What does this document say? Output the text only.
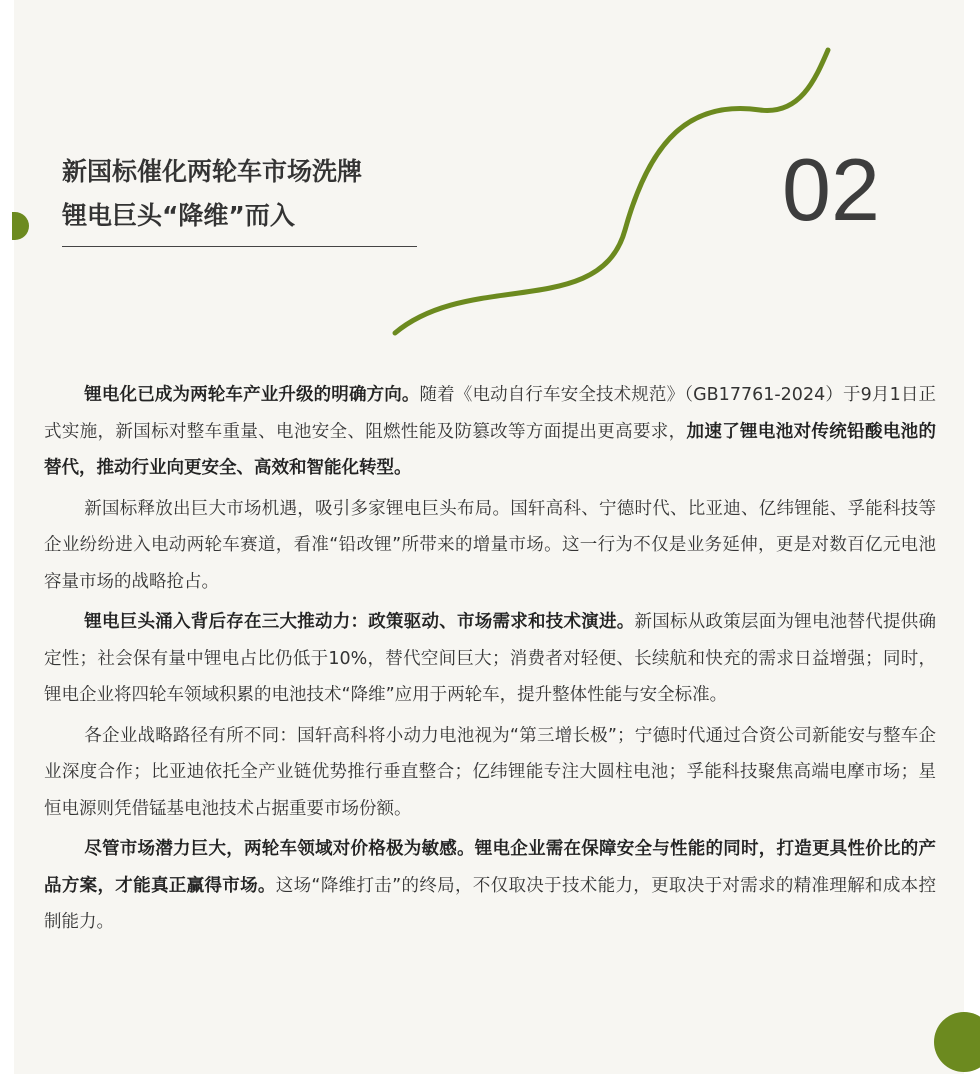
新国标催化两轮车市场洗牌
锂电巨头“降维”而入	02

锂电化已成为两轮车产业升级的明确方向。随着《电动自行车安全技术规范》（GB17761-2024）于9月1日正式实施，新国标对整车重量、电池安全、阻燃性能及防篡改等方面提出更高要求，加速了锂电池对传统铅酸电池的替代，推动行业向更安全、高效和智能化转型。

新国标释放出巨大市场机遇，吸引多家锂电巨头布局。国轩高科、宁德时代、比亚迪、亿纬锂能、孚能科技等企业纷纷进入电动两轮车赛道，看准“铅改锂”所带来的增量市场。这一行为不仅是业务延伸，更是对数百亿元电池容量市场的战略抢占。

锂电巨头涌入背后存在三大推动力：政策驱动、市场需求和技术演进。新国标从政策层面为锂电池替代提供确定性；社会保有量中锂电占比仍低于10%，替代空间巨大；消费者对轻便、长续航和快充的需求日益增强；同时，锂电企业将四轮车领域积累的电池技术“降维”应用于两轮车，提升整体性能与安全标准。

各企业战略路径有所不同：国轩高科将小动力电池视为“第三增长极”；宁德时代通过合资公司新能安与整车企业深度合作；比亚迪依托全产业链优势推行垂直整合；亿纬锂能专注大圆柱电池；孚能科技聚焦高端电摩市场；星恒电源则凭借锰基电池技术占据重要市场份额。

尽管市场潜力巨大，两轮车领域对价格极为敏感。锂电企业需在保障安全与性能的同时，打造更具性价比的产品方案，才能真正赢得市场。这场“降维打击”的终局，不仅取决于技术能力，更取决于对需求的精准理解和成本控制能力。
